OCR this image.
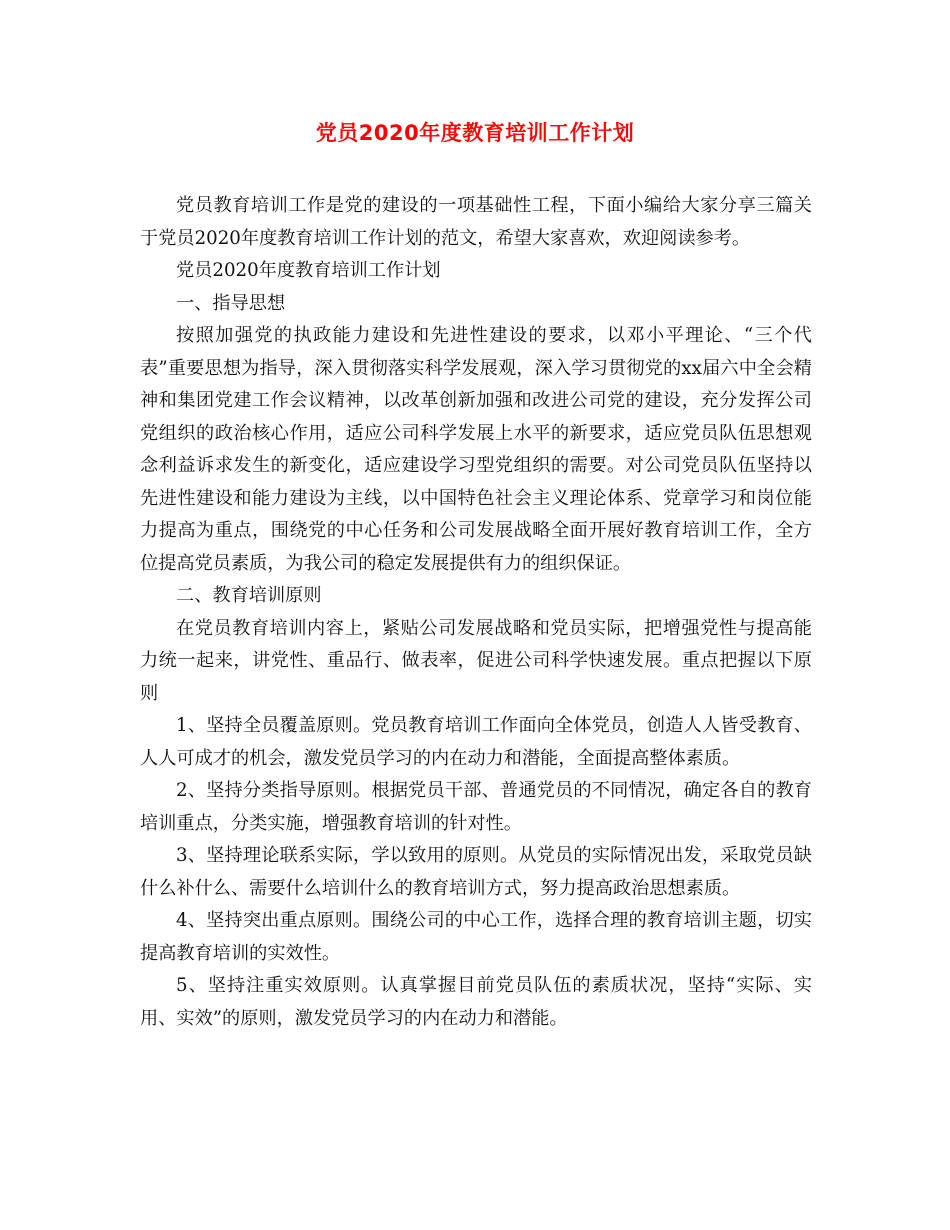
党员2020年度教育培训工作计划

党员教育培训工作是党的建设的一项基础性工程，下面小编给大家分享三篇关于党员2020年度教育培训工作计划的范文，希望大家喜欢，欢迎阅读参考。

党员2020年度教育培训工作计划

一、指导思想

按照加强党的执政能力建设和先进性建设的要求，以邓小平理论、“三个代表”重要思想为指导，深入贯彻落实科学发展观，深入学习贯彻党的xx届六中全会精神和集团党建工作会议精神，以改革创新加强和改进公司党的建设，充分发挥公司党组织的政治核心作用，适应公司科学发展上水平的新要求，适应党员队伍思想观念利益诉求发生的新变化，适应建设学习型党组织的需要。对公司党员队伍坚持以先进性建设和能力建设为主线，以中国特色社会主义理论体系、党章学习和岗位能力提高为重点，围绕党的中心任务和公司发展战略全面开展好教育培训工作，全方位提高党员素质，为我公司的稳定发展提供有力的组织保证。

二、教育培训原则

在党员教育培训内容上，紧贴公司发展战略和党员实际，把增强党性与提高能力统一起来，讲党性、重品行、做表率，促进公司科学快速发展。重点把握以下原则

1、坚持全员覆盖原则。党员教育培训工作面向全体党员，创造人人皆受教育、人人可成才的机会，激发党员学习的内在动力和潜能，全面提高整体素质。

2、坚持分类指导原则。根据党员干部、普通党员的不同情况，确定各自的教育培训重点，分类实施，增强教育培训的针对性。

3、坚持理论联系实际，学以致用的原则。从党员的实际情况出发，采取党员缺什么补什么、需要什么培训什么的教育培训方式，努力提高政治思想素质。

4、坚持突出重点原则。围绕公司的中心工作，选择合理的教育培训主题，切实提高教育培训的实效性。

5、坚持注重实效原则。认真掌握目前党员队伍的素质状况，坚持“实际、实用、实效”的原则，激发党员学习的内在动力和潜能。
